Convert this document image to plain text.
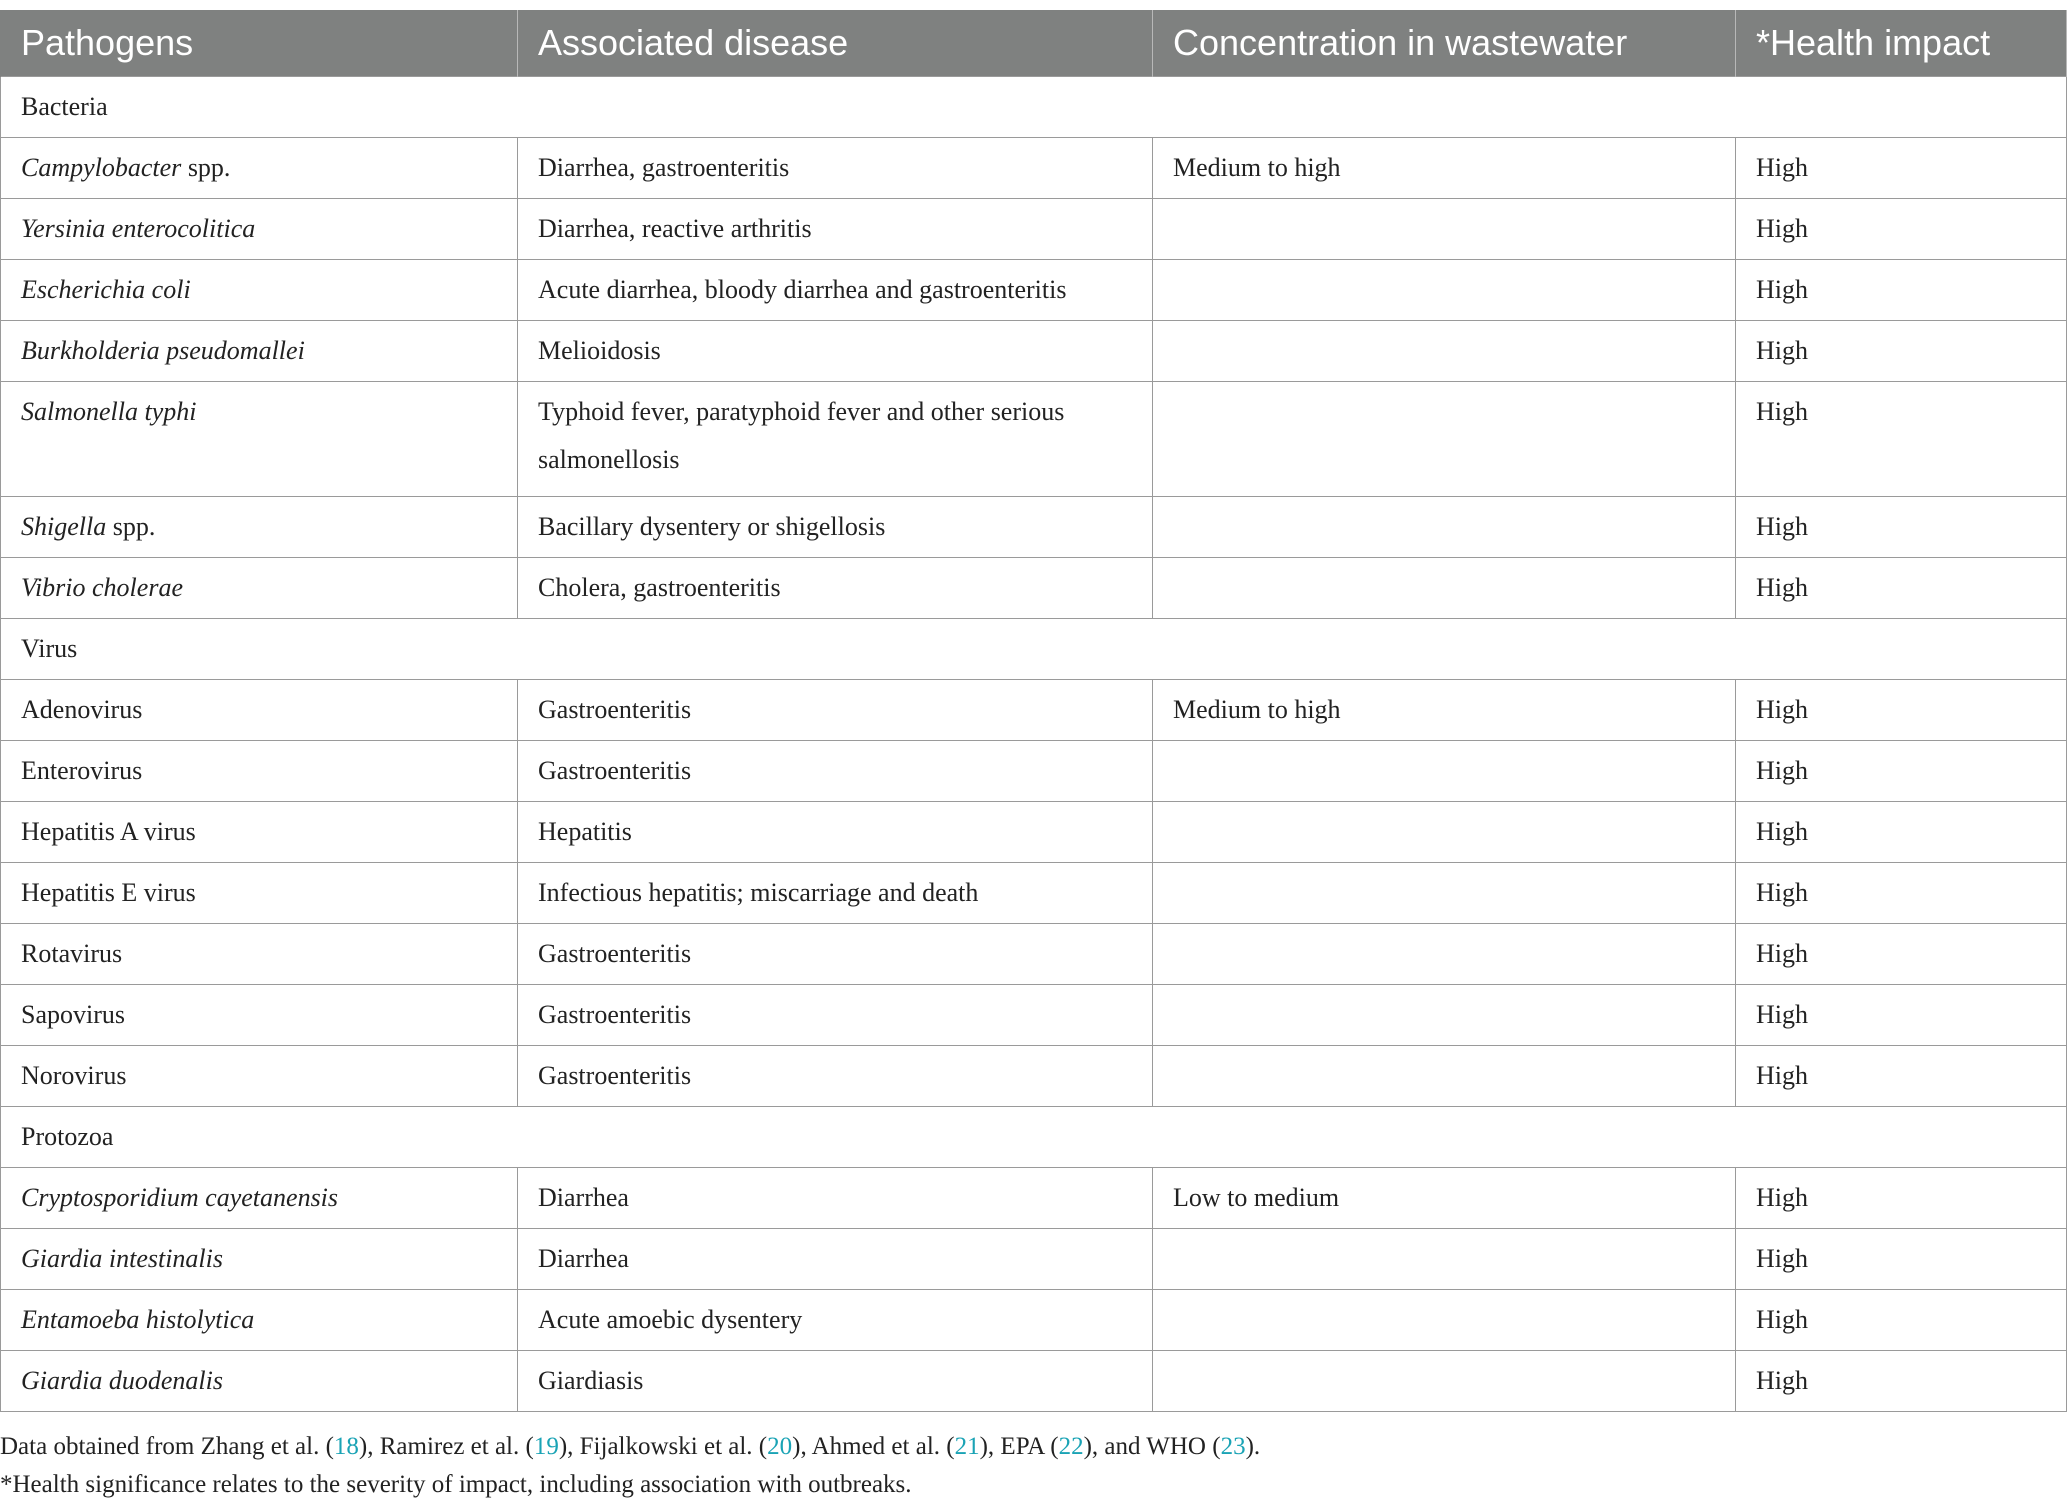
Pathogens	Associated disease	Concentration in wastewater	*Health impact
Bacteria			
Campylobacter spp.	Diarrhea, gastroenteritis	Medium to high	High
Yersinia enterocolitica	Diarrhea, reactive arthritis		High
Escherichia coli	Acute diarrhea, bloody diarrhea and gastroenteritis		High
Burkholderia pseudomallei	Melioidosis		High
Salmonella typhi	Typhoid fever, paratyphoid fever and other serious salmonellosis		High
Shigella spp.	Bacillary dysentery or shigellosis		High
Vibrio cholerae	Cholera, gastroenteritis		High
Virus			
Adenovirus	Gastroenteritis	Medium to high	High
Enterovirus	Gastroenteritis		High
Hepatitis A virus	Hepatitis		High
Hepatitis E virus	Infectious hepatitis; miscarriage and death		High
Rotavirus	Gastroenteritis		High
Sapovirus	Gastroenteritis		High
Norovirus	Gastroenteritis		High
Protozoa			
Cryptosporidium cayetanensis	Diarrhea	Low to medium	High
Giardia intestinalis	Diarrhea		High
Entamoeba histolytica	Acute amoebic dysentery		High
Giardia duodenalis	Giardiasis		High
Data obtained from Zhang et al. (18), Ramirez et al. (19), Fijalkowski et al. (20), Ahmed et al. (21), EPA (22), and WHO (23).
*Health significance relates to the severity of impact, including association with outbreaks.
